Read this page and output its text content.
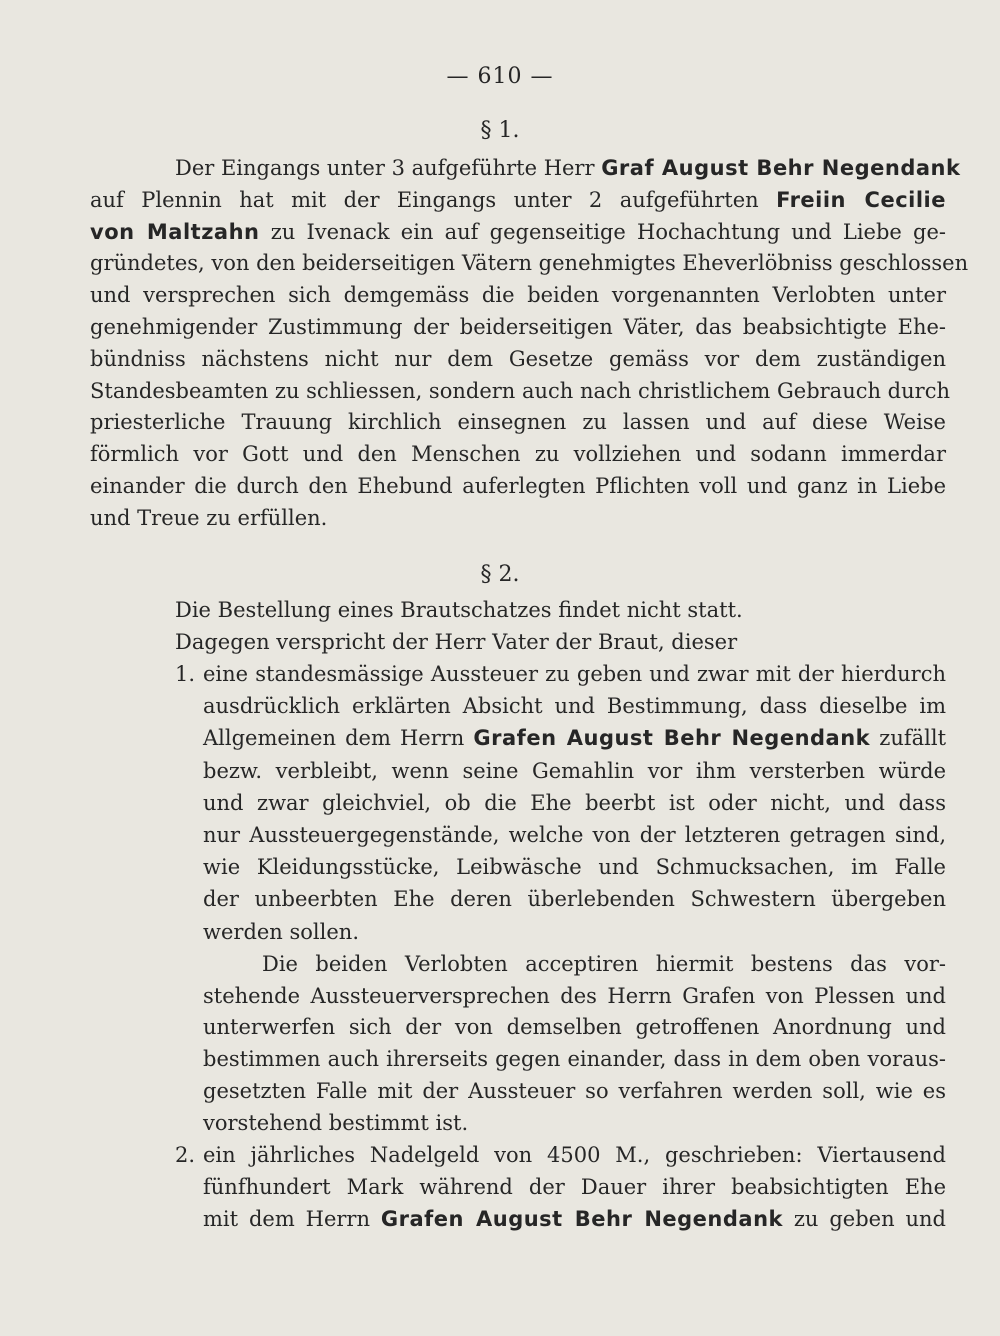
— 610 —
§ 1.
Der Eingangs unter 3 aufgeführte Herr Graf August Behr Negendank
auf Plennin hat mit der Eingangs unter 2 aufgeführten Freiin Cecilie
von Maltzahn zu Ivenack ein auf gegenseitige Hochachtung und Liebe ge-
gründetes, von den beiderseitigen Vätern genehmigtes Eheverlöbniss geschlossen
und versprechen sich demgemäss die beiden vorgenannten Verlobten unter
genehmigender Zustimmung der beiderseitigen Väter, das beabsichtigte Ehe-
bündniss nächstens nicht nur dem Gesetze gemäss vor dem zuständigen
Standesbeamten zu schliessen, sondern auch nach christlichem Gebrauch durch
priesterliche Trauung kirchlich einsegnen zu lassen und auf diese Weise
förmlich vor Gott und den Menschen zu vollziehen und sodann immerdar
einander die durch den Ehebund auferlegten Pflichten voll und ganz in Liebe
und Treue zu erfüllen.
§ 2.
Die Bestellung eines Brautschatzes findet nicht statt.
Dagegen verspricht der Herr Vater der Braut, dieser
1. eine standesmässige Aussteuer zu geben und zwar mit der hierdurch
ausdrücklich erklärten Absicht und Bestimmung, dass dieselbe im
Allgemeinen dem Herrn Grafen August Behr Negendank zufällt
bezw. verbleibt, wenn seine Gemahlin vor ihm versterben würde
und zwar gleichviel, ob die Ehe beerbt ist oder nicht, und dass
nur Aussteuergegenstände, welche von der letzteren getragen sind,
wie Kleidungsstücke, Leibwäsche und Schmucksachen, im Falle
der unbeerbten Ehe deren überlebenden Schwestern übergeben
werden sollen.
Die beiden Verlobten acceptiren hiermit bestens das vor-
stehende Aussteuerversprechen des Herrn Grafen von Plessen und
unterwerfen sich der von demselben getroffenen Anordnung und
bestimmen auch ihrerseits gegen einander, dass in dem oben voraus-
gesetzten Falle mit der Aussteuer so verfahren werden soll, wie es
vorstehend bestimmt ist.
2. ein jährliches Nadelgeld von 4500 M., geschrieben: Viertausend
fünfhundert Mark während der Dauer ihrer beabsichtigten Ehe
mit dem Herrn Grafen August Behr Negendank zu geben und
